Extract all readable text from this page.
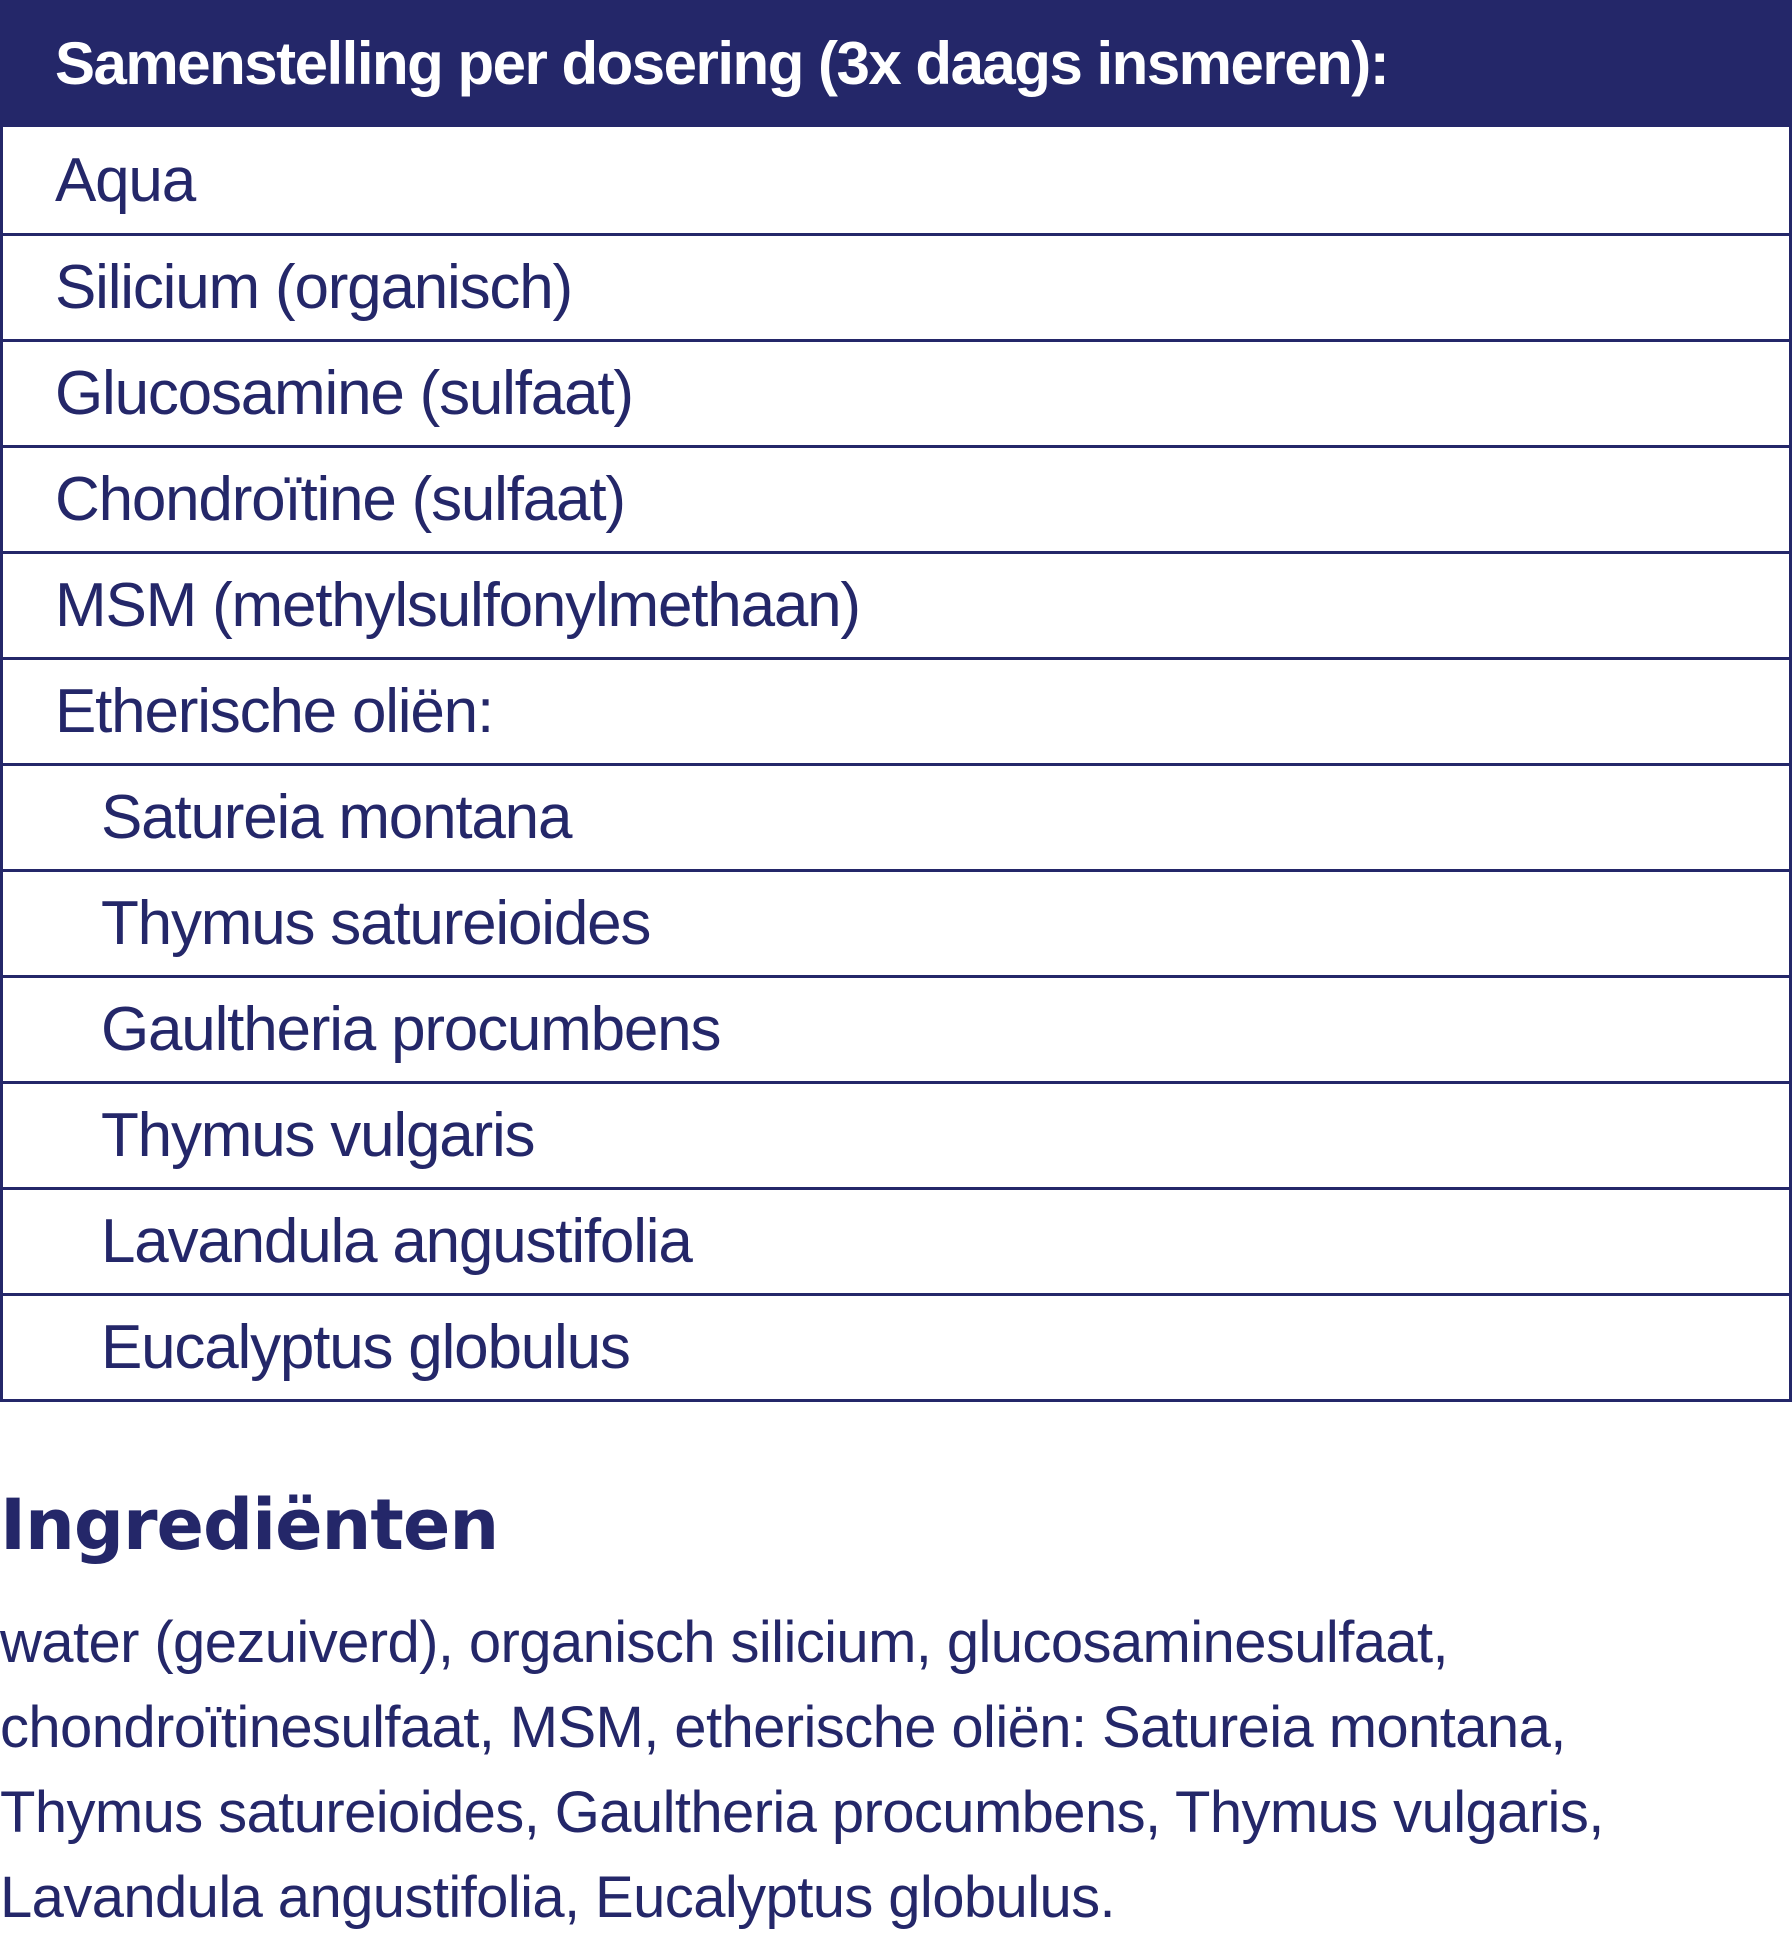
Samenstelling per dosering (3x daags insmeren):
Aqua
Silicium (organisch)
Glucosamine (sulfaat)
Chondroïtine (sulfaat)
MSM (methylsulfonylmethaan)
Etherische oliën:
Satureia montana
Thymus satureioides
Gaultheria procumbens
Thymus vulgaris
Lavandula angustifolia
Eucalyptus globulus
Ingrediënten

water (gezuiverd), organisch silicium, glucosaminesulfaat, chondroïtinesulfaat, MSM, etherische oliën: Satureia montana, Thymus satureioides, Gaultheria procumbens, Thymus vulgaris, Lavandula angustifolia, Eucalyptus globulus.
